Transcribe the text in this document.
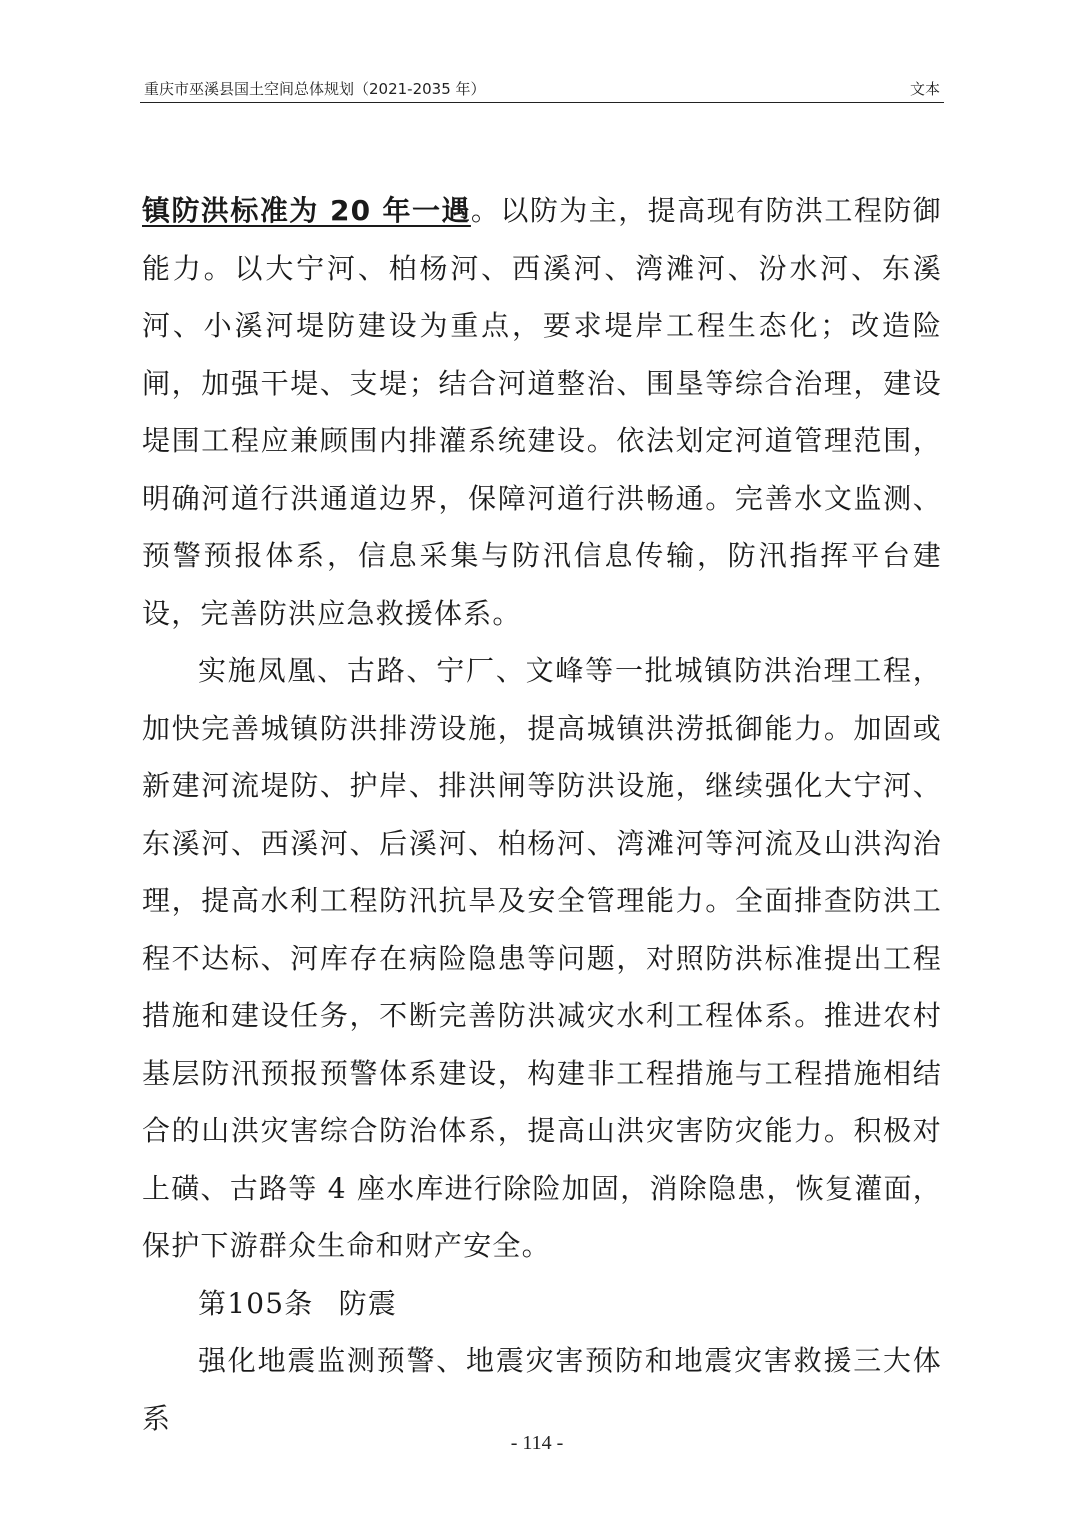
重庆市巫溪县国土空间总体规划（2021-2035 年）	文本

镇防洪标准为 20 年一遇。以防为主，提高现有防洪工程防御能力。以大宁河、柏杨河、西溪河、湾滩河、汾水河、东溪河、小溪河堤防建设为重点，要求堤岸工程生态化；改造险闸，加强干堤、支堤；结合河道整治、围垦等综合治理，建设堤围工程应兼顾围内排灌系统建设。依法划定河道管理范围，明确河道行洪通道边界，保障河道行洪畅通。完善水文监测、预警预报体系，信息采集与防汛信息传输，防汛指挥平台建设，完善防洪应急救援体系。

实施凤凰、古路、宁厂、文峰等一批城镇防洪治理工程，加快完善城镇防洪排涝设施，提高城镇洪涝抵御能力。加固或新建河流堤防、护岸、排洪闸等防洪设施，继续强化大宁河、东溪河、西溪河、后溪河、柏杨河、湾滩河等河流及山洪沟治理，提高水利工程防汛抗旱及安全管理能力。全面排查防洪工程不达标、河库存在病险隐患等问题，对照防洪标准提出工程措施和建设任务，不断完善防洪减灾水利工程体系。推进农村基层防汛预报预警体系建设，构建非工程措施与工程措施相结合的山洪灾害综合防治体系，提高山洪灾害防灾能力。积极对上磺、古路等 4 座水库进行除险加固，消除隐患，恢复灌面，保护下游群众生命和财产安全。

第105条 防震

强化地震监测预警、地震灾害预防和地震灾害救援三大体系

- 114 -
